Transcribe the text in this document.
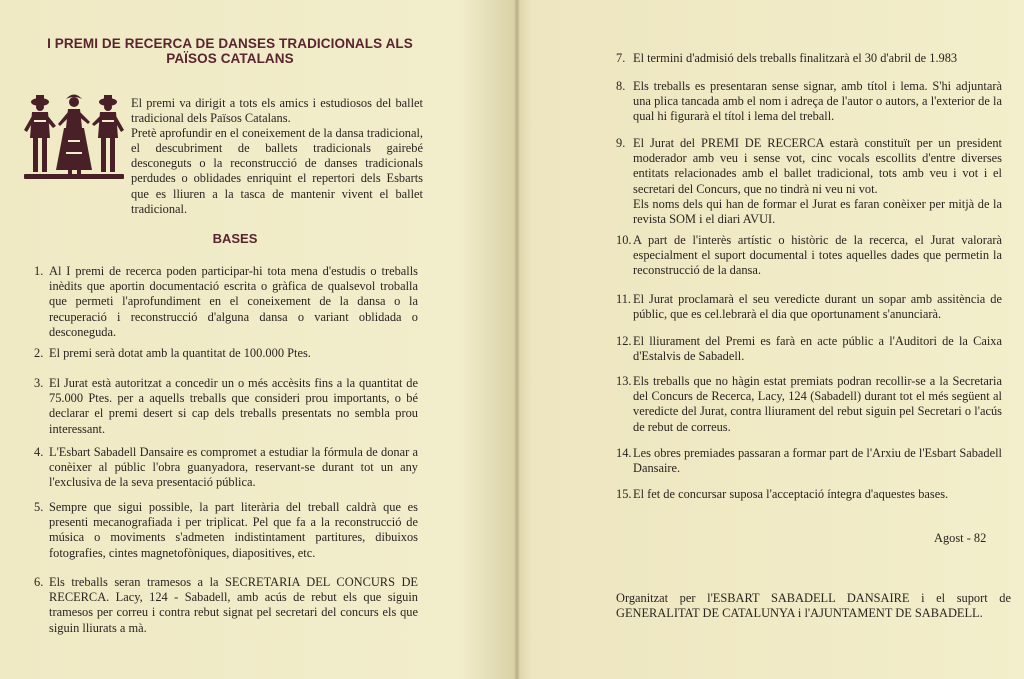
I PREMI DE RECERCA DE DANSES TRADICIONALS ALS PAÏSOS CATALANS

El premi va dirigit a tots els amics i estudiosos del ballet tradicional dels Països Catalans.

Pretè aprofundir en el coneixement de la dansa tradicional, el descubriment de ballets tradicionals gairebé desconeguts o la reconstrucció de danses tradicionals perdudes o oblidades enriquint el repertori dels Esbarts que es lliuren a la tasca de mantenir vivent el ballet tradicional.

BASES
1. Al I premi de recerca poden participar-hi tota mena d'estudis o treballs inèdits que aportin documentació escrita o gràfica de qualsevol troballa que permeti l'aprofundiment en el coneixement de la dansa o la recuperació i reconstrucció d'alguna dansa o variant oblidada o desconeguda.
2. El premi serà dotat amb la quantitat de 100.000 Ptes.
3. El Jurat està autoritzat a concedir un o més accèsits fins a la quantitat de 75.000 Ptes. per a aquells treballs que consideri prou importants, o bé declarar el premi desert si cap dels treballs presentats no sembla prou interessant.
4. L'Esbart Sabadell Dansaire es compromet a estudiar la fórmula de donar a conèixer al públic l'obra guanyadora, reservant-se durant tot un any l'exclusiva de la seva presentació pública.
5. Sempre que sigui possible, la part literària del treball caldrà que es presenti mecanografiada i per triplicat. Pel que fa a la reconstrucció de música o moviments s'admeten indistintament partitures, dibuixos fotografies, cintes magnetofòniques, diapositives, etc.
6. Els treballs seran tramesos a la SECRETARIA DEL CONCURS DE RECERCA. Lacy, 124 - Sabadell, amb acús de rebut els que siguin tramesos per correu i contra rebut signat pel secretari del concurs els que siguin lliurats a mà.
7. El termini d'admisió dels treballs finalitzarà el 30 d'abril de 1.983
8. Els treballs es presentaran sense signar, amb títol i lema. S'hi adjuntarà una plica tancada amb el nom i adreça de l'autor o autors, a l'exterior de la qual hi figurarà el títol i lema del treball.
9. El Jurat del PREMI DE RECERCA estarà constituït per un president moderador amb veu i sense vot, cinc vocals escollits d'entre diverses entitats relacionades amb el ballet tradicional, tots amb veu i vot i el secretari del Concurs, que no tindrà ni veu ni vot.
Els noms dels qui han de formar el Jurat es faran conèixer per mitjà de la revista SOM i el diari AVUI.
10. A part de l'interès artístic o històric de la recerca, el Jurat valorarà especialment el suport documental i totes aquelles dades que permetin la reconstrucció de la dansa.
11. El Jurat proclamarà el seu veredicte durant un sopar amb assitència de públic, que es cel.lebrarà el dia que oportunament s'anunciarà.
12. El lliurament del Premi es farà en acte públic a l'Auditori de la Caixa d'Estalvis de Sabadell.
13. Els treballs que no hàgin estat premiats podran recollir-se a la Secretaria del Concurs de Recerca, Lacy, 124 (Sabadell) durant tot el més següent al veredicte del Jurat, contra lliurament del rebut siguin pel Secretari o l'acús de rebut de correus.
14. Les obres premiades passaran a formar part de l'Arxiu de l'Esbart Sabadell Dansaire.
15. El fet de concursar suposa l'acceptació íntegra d'aquestes bases.
Agost - 82
Organitzat per l'ESBART SABADELL DANSAIRE i el suport de GENERALITAT DE CATALUNYA i l'AJUNTAMENT DE SABADELL.
